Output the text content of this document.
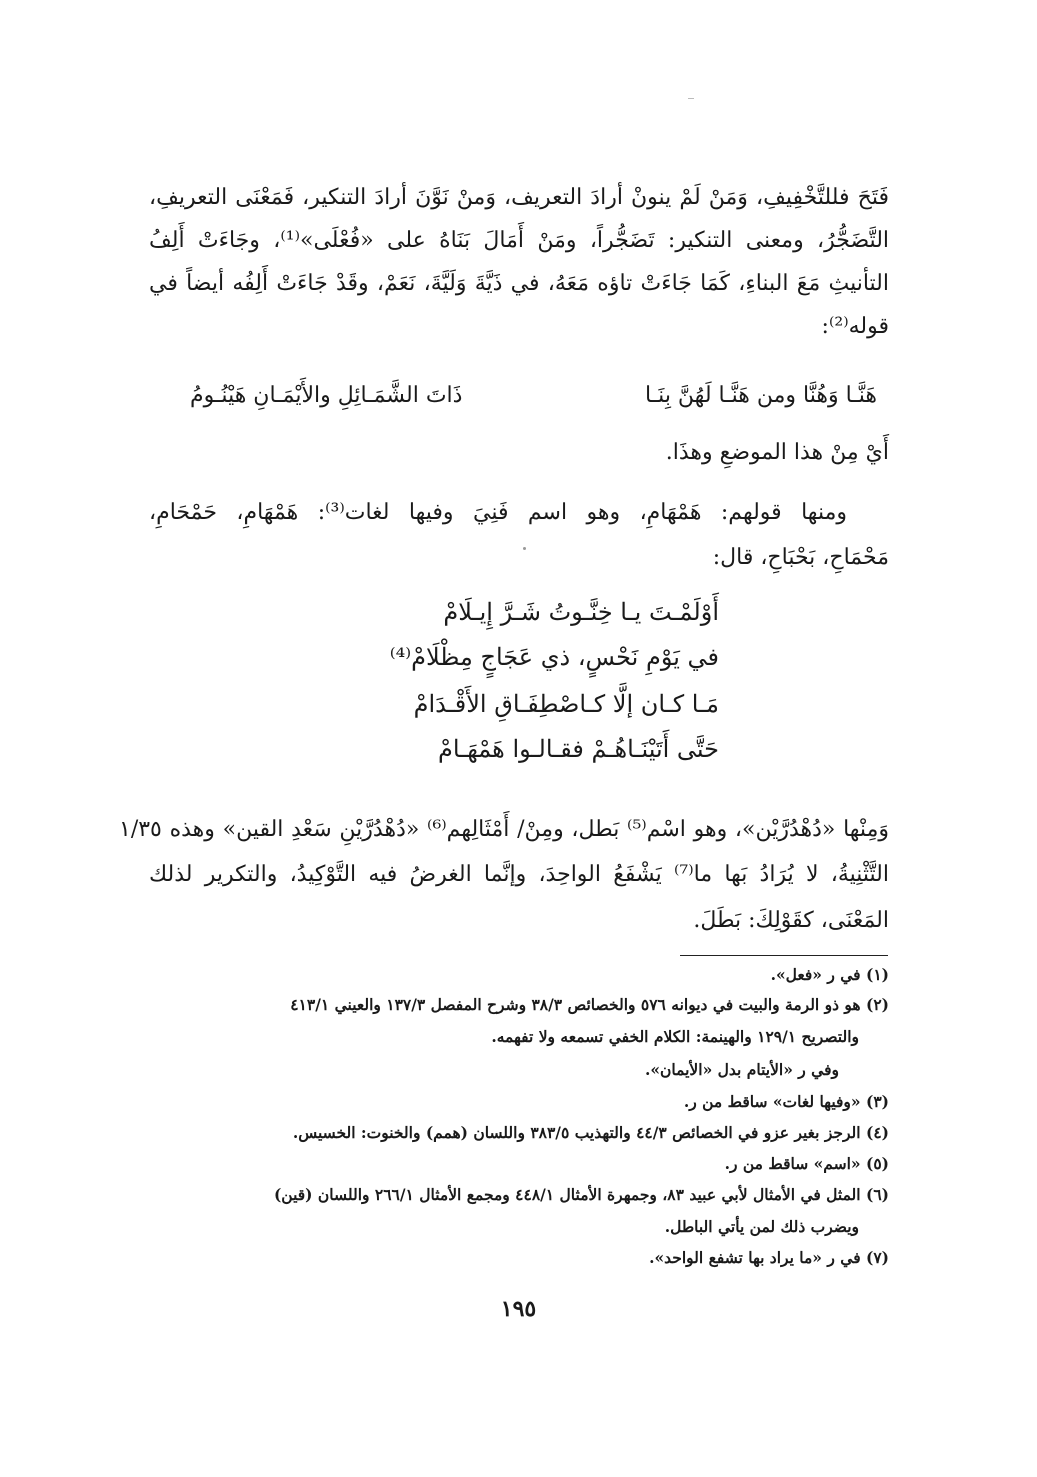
فَتَحَ فللتَّخْفِيفِ، وَمَنْ لَمْ ينونْ أرادَ التعريف، وَمنْ نَوَّنَ أرادَ التنكير، فَمَعْنَى التعريفِ،
التَّضَجُّرُ، ومعنى التنكير: تَضَجُّراً، ومَنْ أَمَالَ بَنَاهُ على «فُعْلَى»⁽¹⁾، وجَاءَتْ أَلِفُ
التأنيثِ مَعَ البناءِ، كَمَا جَاءَتْ تاؤه مَعَهُ، في ذَيَّةَ وَلَيَّةَ، نَعَمْ، وقَدْ جَاءَتْ أَلِفُه أيضاً في
قوله⁽²⁾:
هَنَّـا وَهُنَّا ومن هَنَّـا لَهُنَّ بِنَـا
ذَاتَ الشَّمَـائِلِ والأَيْمَـانِ هَيْنُـومُ
أَيْ مِنْ هذا الموضعِ وهذَا.
ومنها قولهم: هَمْهَامِ، وهو اسم فَنِيَ وفيها لغات⁽³⁾: هَمْهَامِ، حَمْحَامِ،
مَحْمَاحِ، بَحْبَاحِ، قال:
أَوْلَمْـتَ يـا خِنَّـوتُ شَـرَّ إِيـلَامْ
في يَوْمِ نَحْسٍ، ذي عَجَاجٍ مِظْلَامْ⁽⁴⁾
مَـا كـان إلَّا كـاصْطِفَـاقِ الأَقْـدَامْ
حَتَّى أَتَيْنَـاهُـمْ فقـالـوا هَمْهَـامْ
وَمِنْها «دُهْدُرَّيْن»، وهو اسْم⁽⁵⁾ بَطل، ومِنْ/ أَمْثَالِهم⁽⁶⁾ «دُهْدُرَّيْنِ سَعْدِ القين» وهذه ١/٣٥
التَّثْنِيةُ، لا يُرَادُ بَها ما⁽⁷⁾ يَشْفَعُ الواحِدَ، وإنَّما الغرضُ فيه التَّوْكِيدُ، والتكرير لذلك
المَعْنَى، كقَوْلِكَ: بَطَلَ.
(١) في ر «فعل».
(٢) هو ذو الرمة والبيت في ديوانه ٥٧٦ والخصائص ٣٨/٣ وشرح المفصل ١٣٧/٣ والعيني ٤١٣/١
والتصريح ١٢٩/١ والهينمة: الكلام الخفي تسمعه ولا تفهمه.
وفي ر «الأيتام بدل «الأيمان».
(٣) «وفيها لغات» ساقط من ر.
(٤) الرجز بغير عزو في الخصائص ٤٤/٣ والتهذيب ٣٨٣/٥ واللسان (همم) والخنوت: الخسيس.
(٥) «اسم» ساقط من ر.
(٦) المثل في الأمثال لأبي عبيد ٨٣، وجمهرة الأمثال ٤٤٨/١ ومجمع الأمثال ٢٦٦/١ واللسان (قين)
ويضرب ذلك لمن يأتي الباطل.
(٧) في ر «ما يراد بها تشفع الواحد».
١٩٥
